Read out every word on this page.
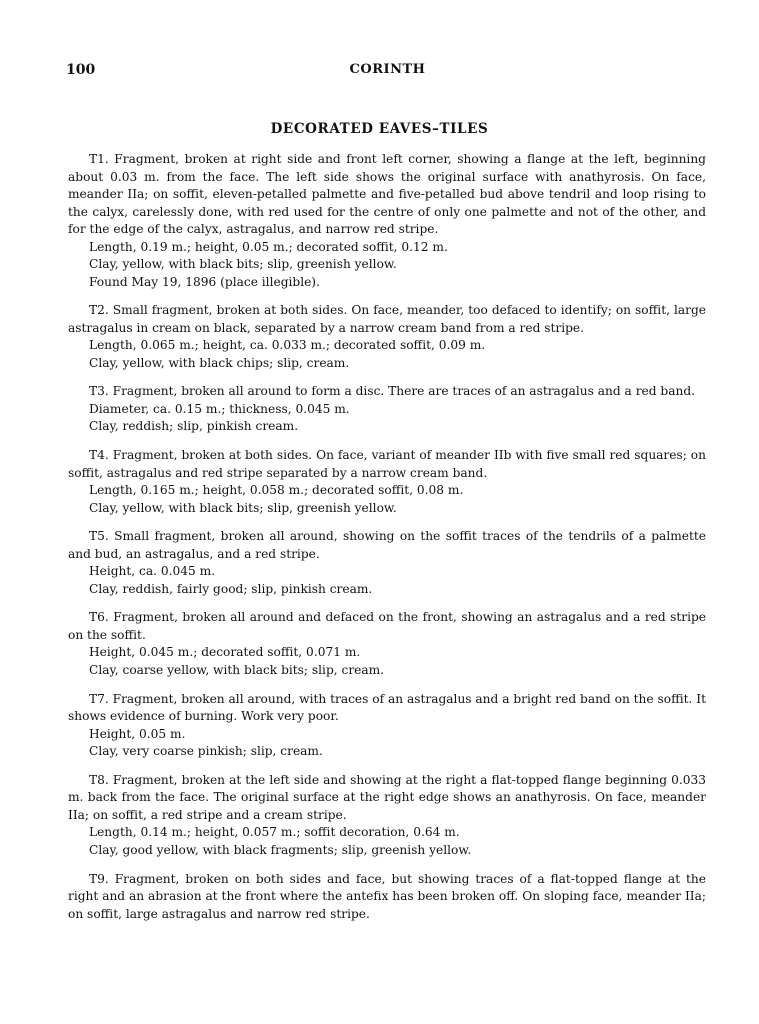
100	CORINTH
DECORATED EAVES–TILES

T1. Fragment, broken at right side and front left corner, showing a flange at the left, beginning about 0.03 m. from the face. The left side shows the original surface with anathyrosis. On face, meander IIa; on soffit, eleven-petalled palmette and five-petalled bud above tendril and loop rising to the calyx, carelessly done, with red used for the centre of only one palmette and not of the other, and for the edge of the calyx, astragalus, and narrow red stripe.

Length, 0.19 m.; height, 0.05 m.; decorated soffit, 0.12 m.

Clay, yellow, with black bits; slip, greenish yellow.

Found May 19, 1896 (place illegible).

T2. Small fragment, broken at both sides. On face, meander, too defaced to identify; on soffit, large astragalus in cream on black, separated by a narrow cream band from a red stripe.

Length, 0.065 m.; height, ca. 0.033 m.; decorated soffit, 0.09 m.

Clay, yellow, with black chips; slip, cream.

T3. Fragment, broken all around to form a disc. There are traces of an astragalus and a red band.

Diameter, ca. 0.15 m.; thickness, 0.045 m.

Clay, reddish; slip, pinkish cream.

T4. Fragment, broken at both sides. On face, variant of meander IIb with five small red squares; on soffit, astragalus and red stripe separated by a narrow cream band.

Length, 0.165 m.; height, 0.058 m.; decorated soffit, 0.08 m.

Clay, yellow, with black bits; slip, greenish yellow.

T5. Small fragment, broken all around, showing on the soffit traces of the tendrils of a palmette and bud, an astragalus, and a red stripe.

Height, ca. 0.045 m.

Clay, reddish, fairly good; slip, pinkish cream.

T6. Fragment, broken all around and defaced on the front, showing an astragalus and a red stripe on the soffit.

Height, 0.045 m.; decorated soffit, 0.071 m.

Clay, coarse yellow, with black bits; slip, cream.

T7. Fragment, broken all around, with traces of an astragalus and a bright red band on the soffit. It shows evidence of burning. Work very poor.

Height, 0.05 m.

Clay, very coarse pinkish; slip, cream.

T8. Fragment, broken at the left side and showing at the right a flat-topped flange beginning 0.033 m. back from the face. The original surface at the right edge shows an anathyrosis. On face, meander IIa; on soffit, a red stripe and a cream stripe.

Length, 0.14 m.; height, 0.057 m.; soffit decoration, 0.64 m.

Clay, good yellow, with black fragments; slip, greenish yellow.

T9. Fragment, broken on both sides and face, but showing traces of a flat-topped flange at the right and an abrasion at the front where the antefix has been broken off. On sloping face, meander IIa; on soffit, large astragalus and narrow red stripe.
